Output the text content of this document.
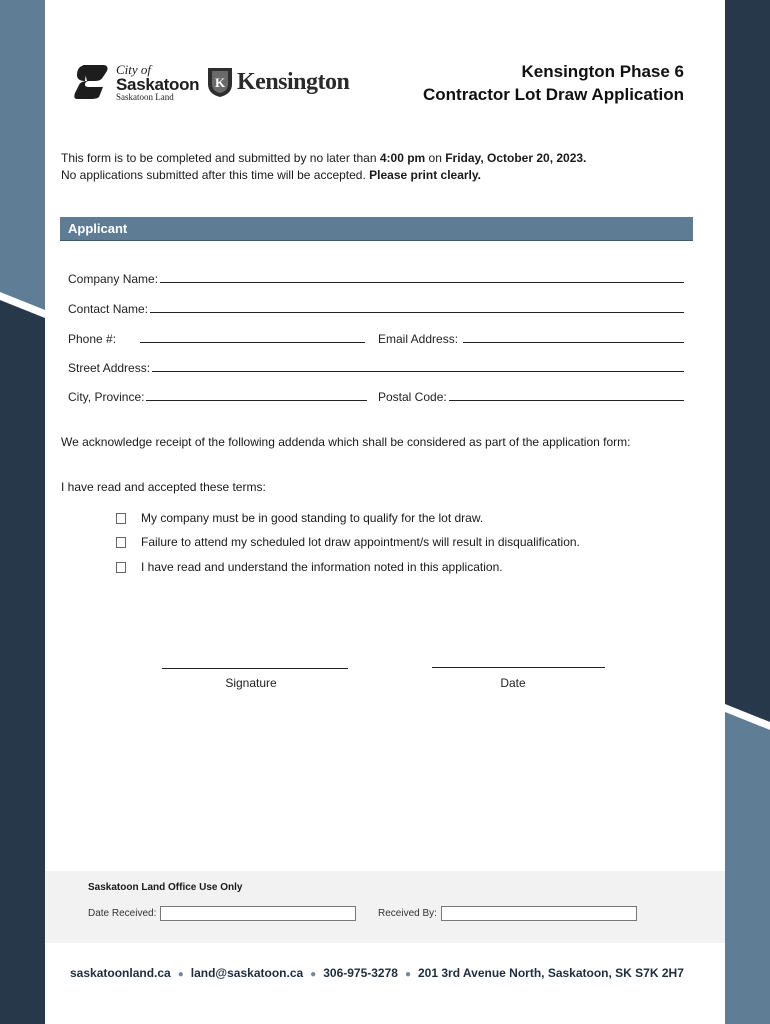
City of
Saskatoon
Saskatoon Land
K Kensington	Kensington Phase 6
Contractor Lot Draw Application
This form is to be completed and submitted by no later than 4:00 pm on Friday, October 20, 2023.
No applications submitted after this time will be accepted. Please print clearly.
Applicant
Company Name:
Contact Name:
Phone #:	Email Address:
Street Address:
City, Province:	Postal Code:
We acknowledge receipt of the following addenda which shall be considered as part of the application form:
I have read and accepted these terms:
My company must be in good standing to qualify for the lot draw.
Failure to attend my scheduled lot draw appointment/s will result in disqualification.
I have read and understand the information noted in this application.
Signature	Date
Saskatoon Land Office Use Only
Date Received:	Received By:
saskatoonland.ca ● land@saskatoon.ca ● 306-975-3278 ● 201 3rd Avenue North, Saskatoon, SK S7K 2H7
